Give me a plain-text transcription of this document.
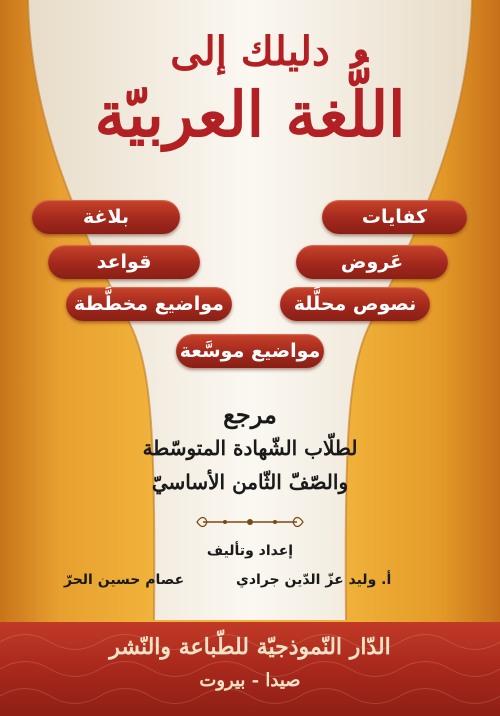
دليلك إلى
اللُّغة العربيّة
كفايات
بلاغة
عَروض
قواعد
نصوص محلَّلة
مواضيع مخطَّطة
مواضيع موسَّعة
مرجع
لطلّاب الشّهادة المتوسّطة
والصّفّ الثّامن الأساسيّ
إعداد وتأليف
أ. وليد عزّ الدّين جرادي
عصام حسين الحرّ
الدّار النّموذجيّة للطّباعة والنّشر
صيدا - بيروت
